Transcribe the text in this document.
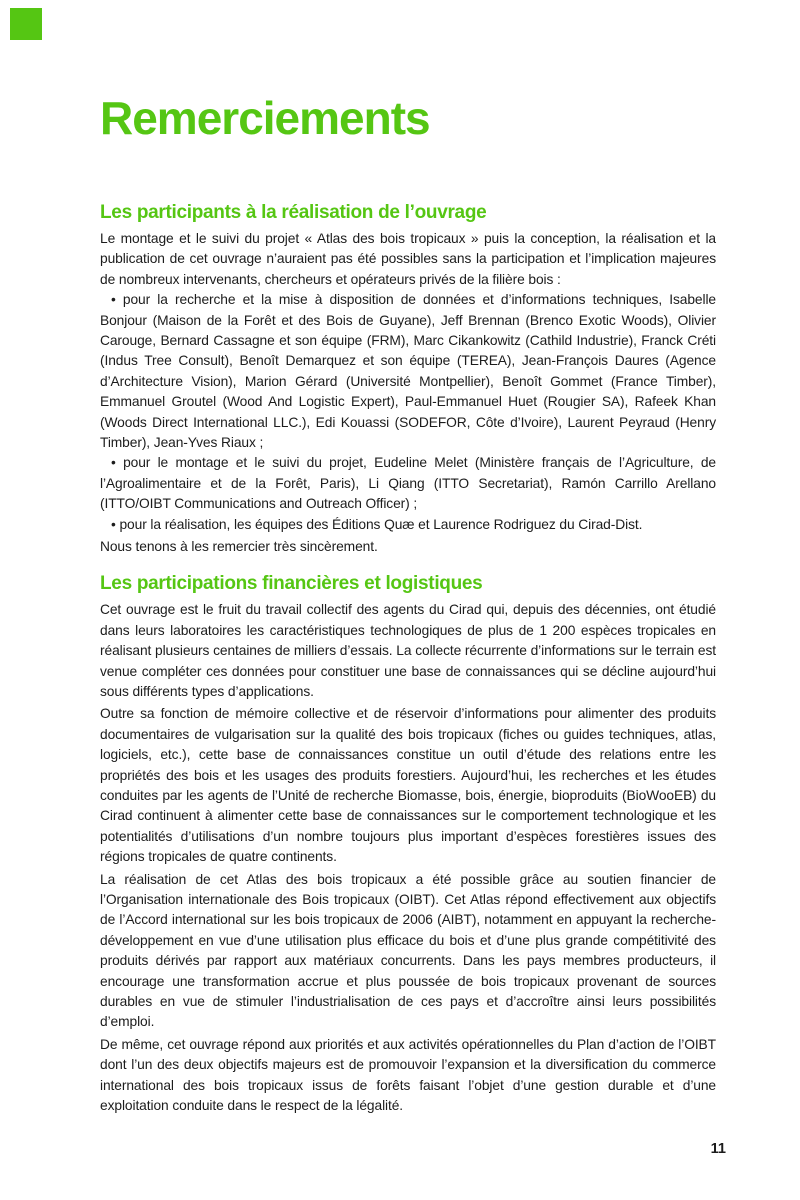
Remerciements
Les participants à la réalisation de l’ouvrage

Le montage et le suivi du projet « Atlas des bois tropicaux » puis la conception, la réalisation et la publication de cet ouvrage n’auraient pas été possibles sans la participation et l’implication majeures de nombreux intervenants, chercheurs et opérateurs privés de la filière bois :

• pour la recherche et la mise à disposition de données et d’informations techniques, Isabelle Bonjour (Maison de la Forêt et des Bois de Guyane), Jeff Brennan (Brenco Exotic Woods), Olivier Carouge, Bernard Cassagne et son équipe (FRM), Marc Cikankowitz (Cathild Industrie), Franck Créti (Indus Tree Consult), Benoît Demarquez et son équipe (TEREA), Jean-François Daures (Agence d’Architecture Vision), Marion Gérard (Université Montpellier), Benoît Gommet (France Timber), Emmanuel Groutel (Wood And Logistic Expert), Paul-Emmanuel Huet (Rougier SA), Rafeek Khan (Woods Direct International LLC.), Edi Kouassi (SODEFOR, Côte d’Ivoire), Laurent Peyraud (Henry Timber), Jean-Yves Riaux ;

• pour le montage et le suivi du projet, Eudeline Melet (Ministère français de l’Agriculture, de l’Agroalimentaire et de la Forêt, Paris), Li Qiang (ITTO Secretariat), Ramón Carrillo Arellano (ITTO/OIBT Communications and Outreach Officer) ;

• pour la réalisation, les équipes des Éditions Quæ et Laurence Rodriguez du Cirad-Dist.

Nous tenons à les remercier très sincèrement.

Les participations financières et logistiques

Cet ouvrage est le fruit du travail collectif des agents du Cirad qui, depuis des décennies, ont étudié dans leurs laboratoires les caractéristiques technologiques de plus de 1 200 espèces tropicales en réalisant plusieurs centaines de milliers d’essais. La collecte récurrente d’informations sur le terrain est venue compléter ces données pour constituer une base de connaissances qui se décline aujourd’hui sous différents types d’applications.

Outre sa fonction de mémoire collective et de réservoir d’informations pour alimenter des produits documentaires de vulgarisation sur la qualité des bois tropicaux (fiches ou guides techniques, atlas, logiciels, etc.), cette base de connaissances constitue un outil d’étude des relations entre les propriétés des bois et les usages des produits forestiers. Aujourd’hui, les recherches et les études conduites par les agents de l’Unité de recherche Biomasse, bois, énergie, bioproduits (BioWooEB) du Cirad continuent à alimenter cette base de connaissances sur le comportement technologique et les potentialités d’utilisations d’un nombre toujours plus important d’espèces forestières issues des régions tropicales de quatre continents.

La réalisation de cet Atlas des bois tropicaux a été possible grâce au soutien financier de l’Organisation internationale des Bois tropicaux (OIBT). Cet Atlas répond effectivement aux objectifs de l’Accord international sur les bois tropicaux de 2006 (AIBT), notamment en appuyant la recherche-développement en vue d’une utilisation plus efficace du bois et d’une plus grande compétitivité des produits dérivés par rapport aux matériaux concurrents. Dans les pays membres producteurs, il encourage une transformation accrue et plus poussée de bois tropicaux provenant de sources durables en vue de stimuler l’industrialisation de ces pays et d’accroître ainsi leurs possibilités d’emploi.

De même, cet ouvrage répond aux priorités et aux activités opérationnelles du Plan d’action de l’OIBT dont l’un des deux objectifs majeurs est de promouvoir l’expansion et la diversification du commerce international des bois tropicaux issus de forêts faisant l’objet d’une gestion durable et d’une exploitation conduite dans le respect de la légalité.

11
